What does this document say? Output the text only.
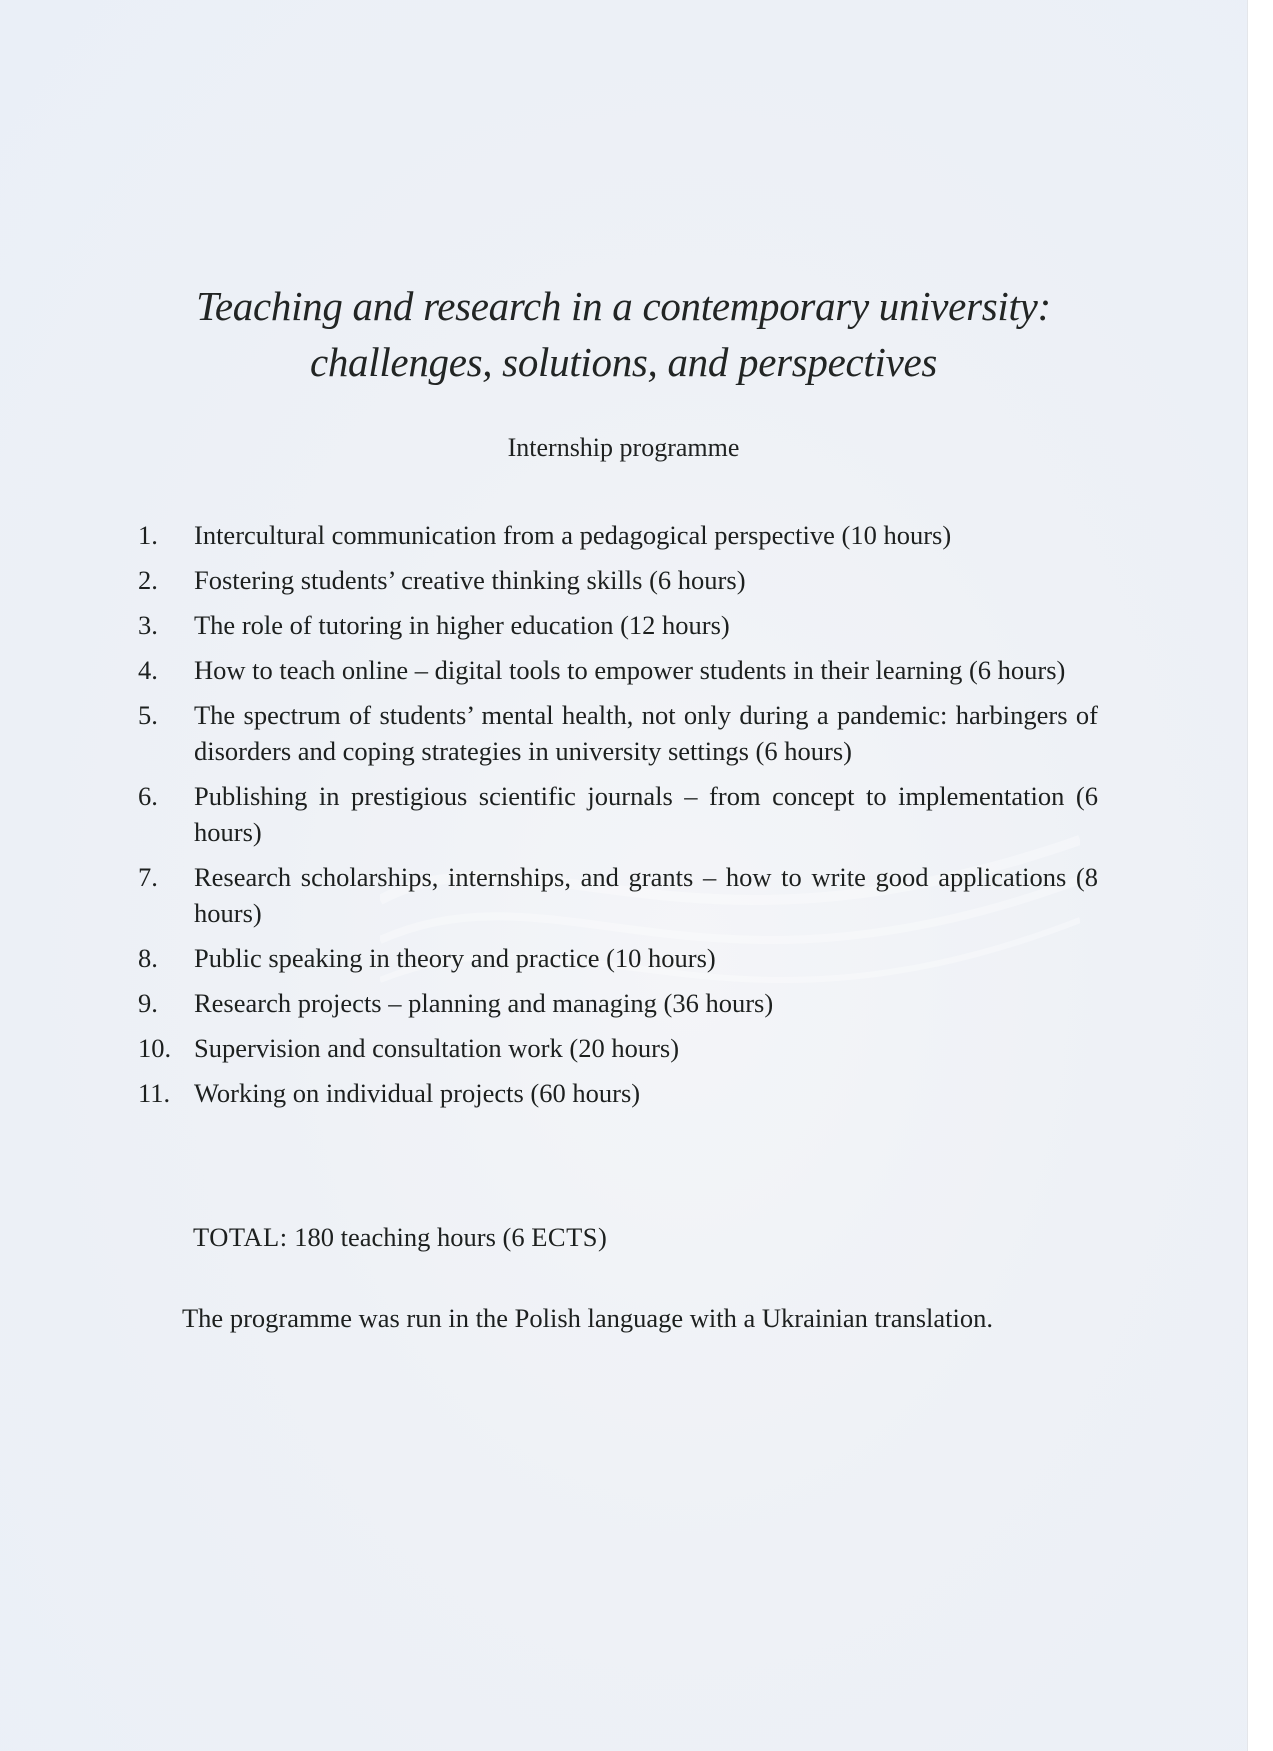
Teaching and research in a contemporary university:
challenges, solutions, and perspectives
Internship programme
1.	Intercultural communication from a pedagogical perspective (10 hours)
2.	Fostering students’ creative thinking skills (6 hours)
3.	The role of tutoring in higher education (12 hours)
4.	How to teach online – digital tools to empower students in their learning (6 hours)
5.	The spectrum of students’ mental health, not only during a pandemic: harbingers of disorders and coping strategies in university settings (6 hours)
6.	Publishing in prestigious scientific journals – from concept to implementation (6 hours)
7.	Research scholarships, internships, and grants – how to write good applications (8 hours)
8.	Public speaking in theory and practice (10 hours)
9.	Research projects – planning and managing (36 hours)
10. Supervision and consultation work (20 hours)
11. Working on individual projects (60 hours)
TOTAL: 180 teaching hours (6 ECTS)
The programme was run in the Polish language with a Ukrainian translation.
